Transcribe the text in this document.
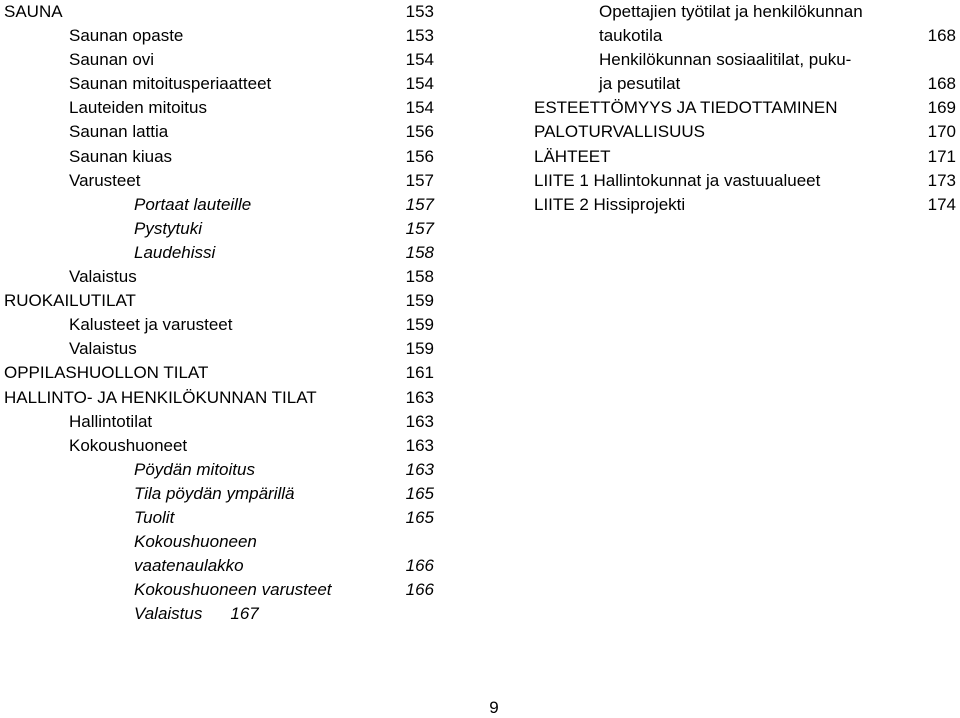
SAUNA	153
Saunan opaste	153
Saunan ovi	154
Saunan mitoitusperiaatteet	154
Lauteiden mitoitus	154
Saunan lattia	156
Saunan kiuas	156
Varusteet	157
Portaat lauteille	157
Pystytuki	157
Laudehissi	158
Valaistus	158
RUOKAILUTILAT	159
Kalusteet ja varusteet	159
Valaistus	159
OPPILASHUOLLON TILAT	161
HALLINTO- JA HENKILÖKUNNAN TILAT	163
Hallintotilat	163
Kokoushuoneet	163
Pöydän mitoitus	163
Tila pöydän ympärillä	165
Tuolit	165
Kokoushuoneen
vaatenaulakko	166
Kokoushuoneen varusteet	166
Valaistus 167
Opettajien työtilat ja henkilökunnan
taukotila	168
Henkilökunnan sosiaalitilat, puku-
ja pesutilat	168
ESTEETTÖMYYS JA TIEDOTTAMINEN	169
PALOTURVALLISUUS	170
LÄHTEET	171
LIITE 1 Hallintokunnat ja vastuualueet	173
LIITE 2 Hissiprojekti	174
9
